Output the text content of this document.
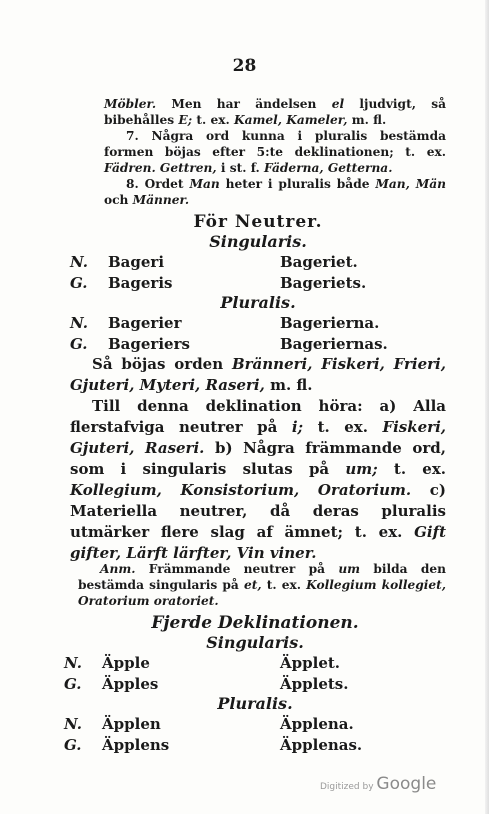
28
Möbler. Men har ändelsen el ljudvigt, så bibehålles E; t. ex. Kamel, Kameler, m. fl.
7. Några ord kunna i pluralis bestämda formen böjas efter 5:te deklinationen; t. ex. Fädren. Gettren, i st. f. Fäderna, Getterna.
8. Ordet Man heter i pluralis både Man, Män och Männer.
För Neutrer.
Singularis.
N.	Bageri	Bageriet.
G.	Bageris	Bageriets.
Pluralis.
N.	Bagerier	Bagerierna.
G.	Bageriers	Bageriernas.
Så böjas orden Bränneri, Fiskeri, Frieri, Gjuteri, Myteri, Raseri, m. fl.
Till denna deklination höra: a) Alla flerstafviga neutrer på i; t. ex. Fiskeri, Gjuteri, Raseri. b) Några främmande ord, som i singularis slutas på um; t. ex. Kollegium, Konsistorium, Oratorium. c) Materiella neutrer, då deras pluralis utmärker flere slag af ämnet; t. ex. Gift gifter, Lärft lärfter, Vin viner.
Anm. Främmande neutrer på um bilda den bestämda singularis på et, t. ex. Kollegium kollegiet, Oratorium oratoriet.
Fjerde Deklinationen.
Singularis.
N.	Äpple	Äpplet.
G.	Äpples	Äpplets.
Pluralis.
N.	Äpplen	Äpplena.
G.	Äpplens	Äpplenas.
Digitized by Google
